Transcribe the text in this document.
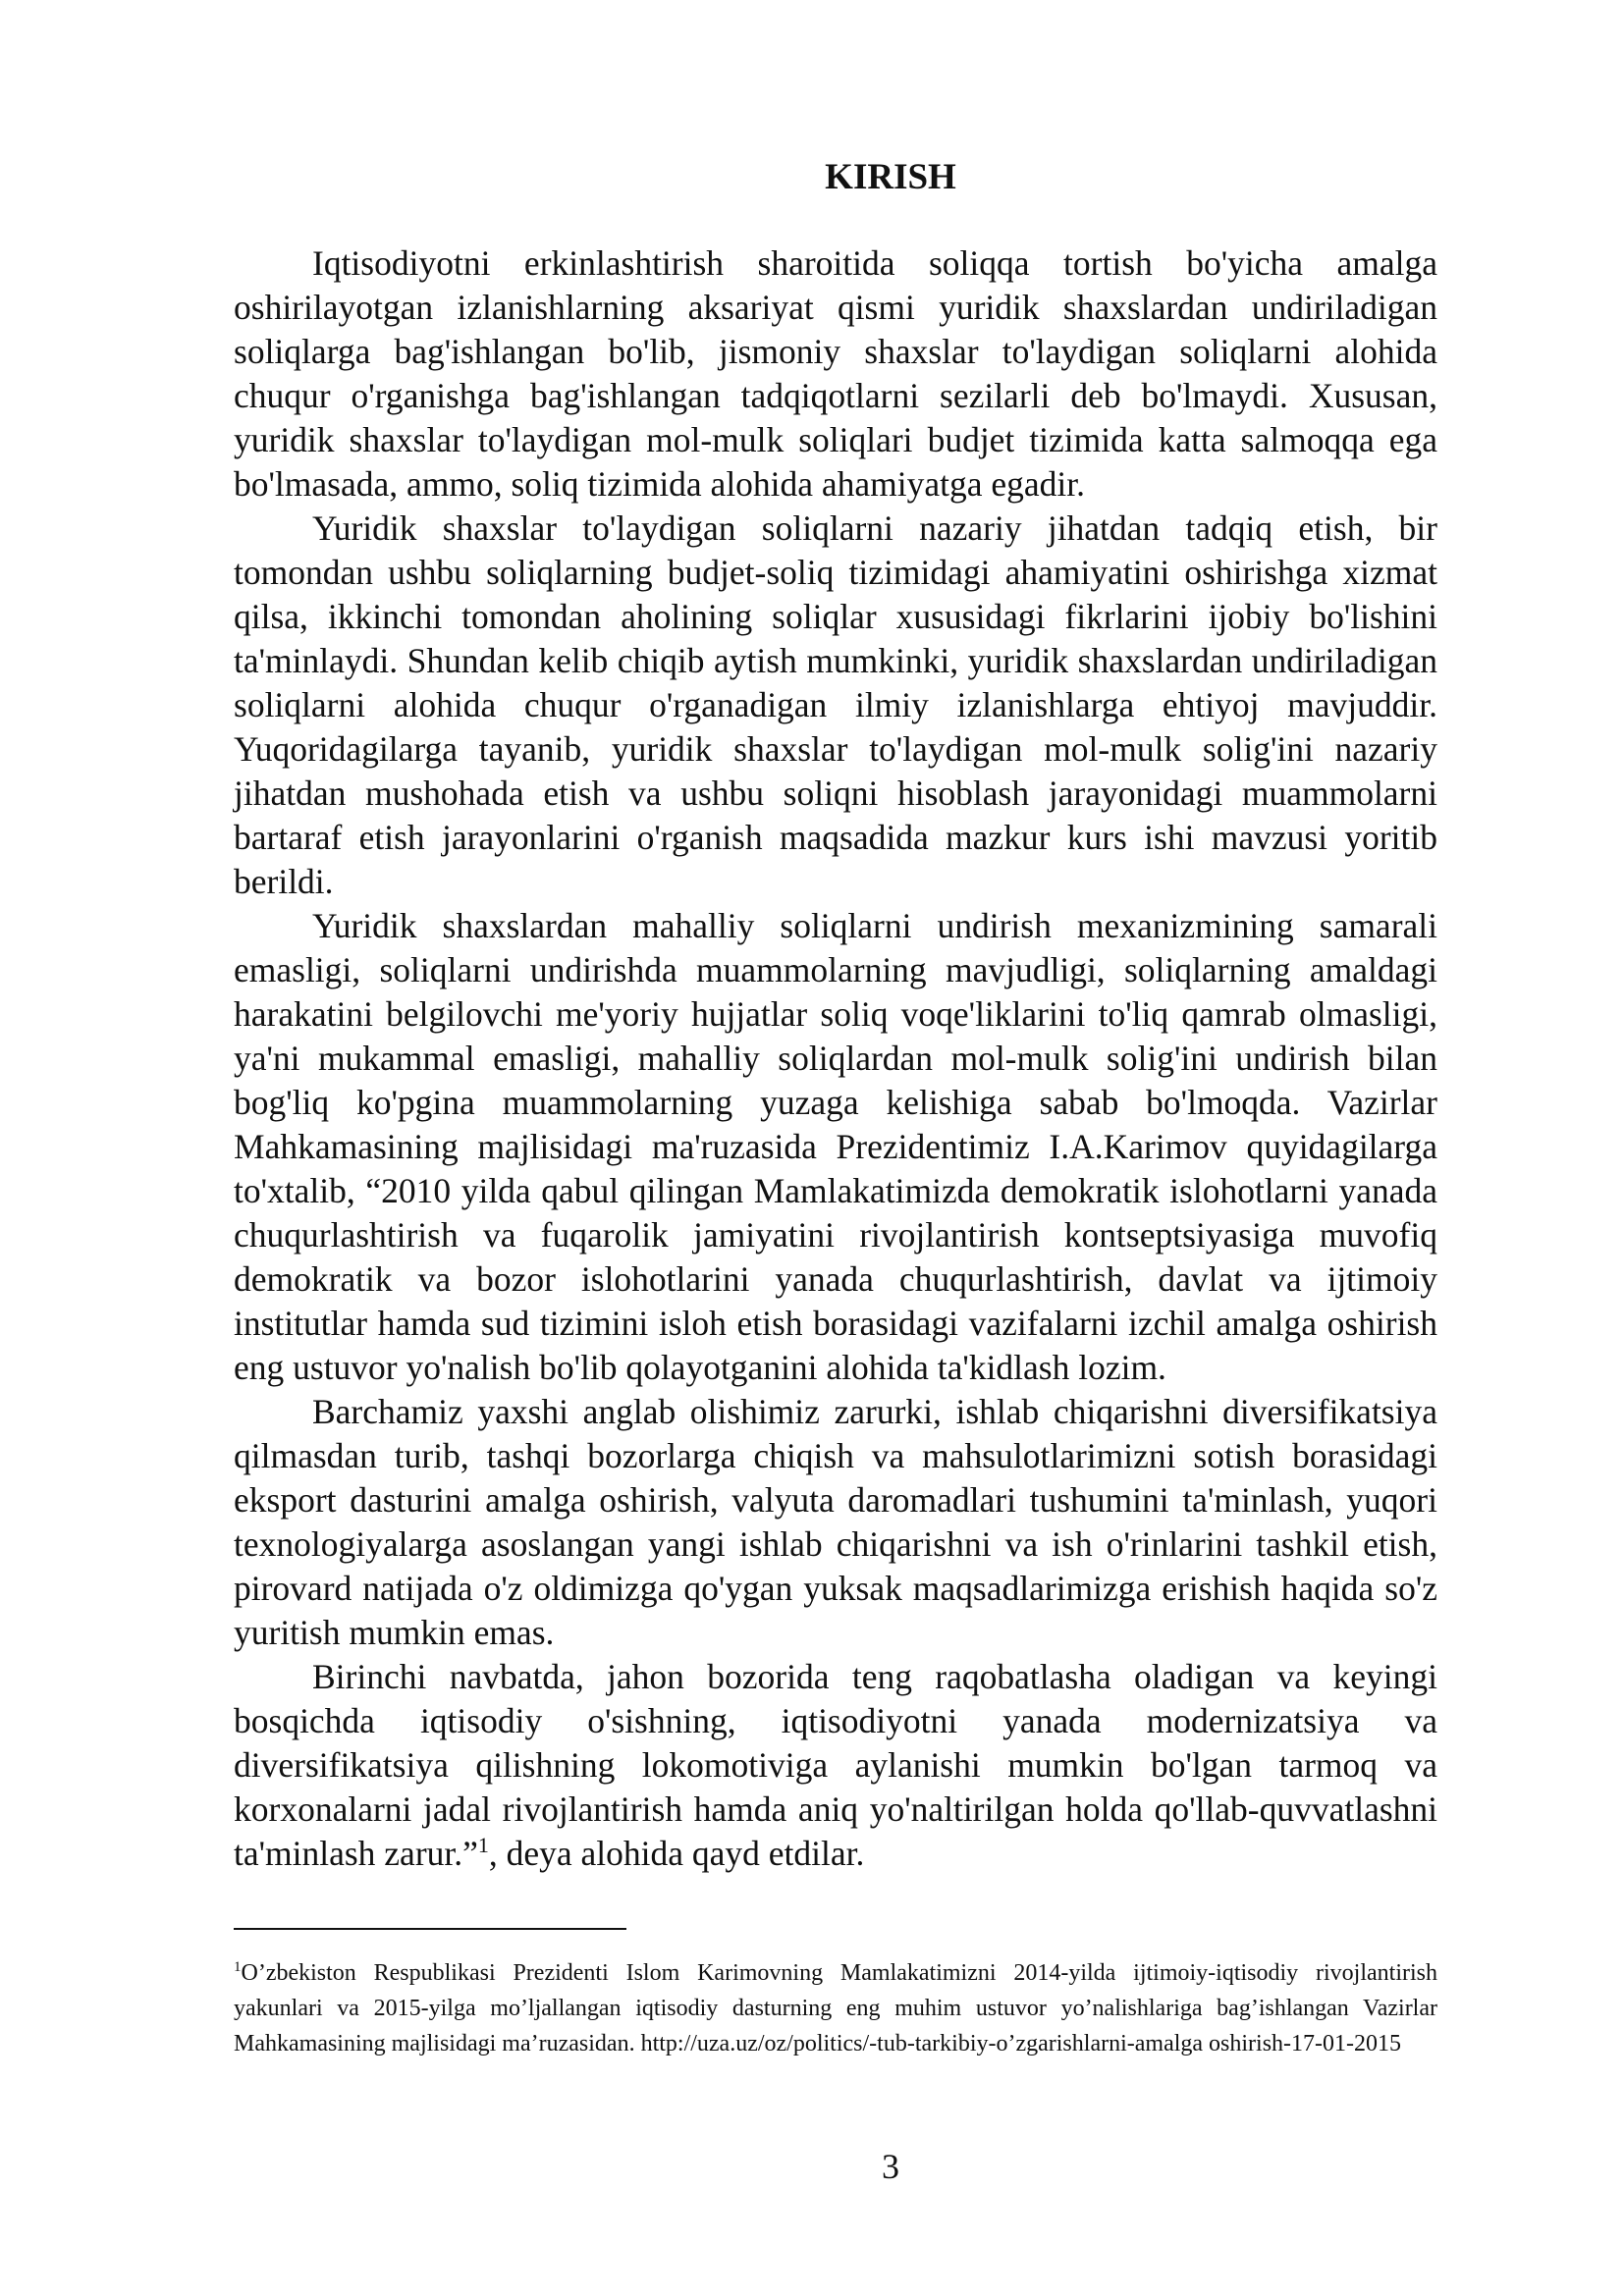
KIRISH

Iqtisodiyotni erkinlashtirish sharoitida soliqqa tortish bo'yicha amalga oshirilayotgan izlanishlarning aksariyat qismi yuridik shaxslardan undiriladigan soliqlarga bag'ishlangan bo'lib, jismoniy shaxslar to'laydigan soliqlarni alohida chuqur o'rganishga bag'ishlangan tadqiqotlarni sezilarli deb bo'lmaydi. Xususan, yuridik shaxslar to'laydigan mol-mulk soliqlari budjet tizimida katta salmoqqa ega bo'lmasada, ammo, soliq tizimida alohida ahamiyatga egadir.

Yuridik shaxslar to'laydigan soliqlarni nazariy jihatdan tadqiq etish, bir tomondan ushbu soliqlarning budjet-soliq tizimidagi ahamiyatini oshirishga xizmat qilsa, ikkinchi tomondan aholining soliqlar xususidagi fikrlarini ijobiy bo'lishini ta'minlaydi. Shundan kelib chiqib aytish mumkinki, yuridik shaxslardan undiriladigan soliqlarni alohida chuqur o'rganadigan ilmiy izlanishlarga ehtiyoj mavjuddir. Yuqoridagilarga tayanib, yuridik shaxslar to'laydigan mol-mulk solig'ini nazariy jihatdan mushohada etish va ushbu soliqni hisoblash jarayonidagi muammolarni bartaraf etish jarayonlarini o'rganish maqsadida mazkur kurs ishi mavzusi yoritib berildi.

Yuridik shaxslardan mahalliy soliqlarni undirish mexanizmining samarali emasligi, soliqlarni undirishda muammolarning mavjudligi, soliqlarning amaldagi harakatini belgilovchi me'yoriy hujjatlar soliq voqe'liklarini to'liq qamrab olmasligi, ya'ni mukammal emasligi, mahalliy soliqlardan mol-mulk solig'ini undirish bilan bog'liq ko'pgina muammolarning yuzaga kelishiga sabab bo'lmoqda. Vazirlar Mahkamasining majlisidagi ma'ruzasida Prezidentimiz I.A.Karimov quyidagilarga to'xtalib, “2010 yilda qabul qilingan Mamlakatimizda demokratik islohotlarni yanada chuqurlashtirish va fuqarolik jamiyatini rivojlantirish kontseptsiyasiga muvofiq demokratik va bozor islohotlarini yanada chuqurlashtirish, davlat va ijtimoiy institutlar hamda sud tizimini isloh etish borasidagi vazifalarni izchil amalga oshirish eng ustuvor yo'nalish bo'lib qolayotganini alohida ta'kidlash lozim.

Barchamiz yaxshi anglab olishimiz zarurki, ishlab chiqarishni diversifikatsiya qilmasdan turib, tashqi bozorlarga chiqish va mahsulotlarimizni sotish borasidagi eksport dasturini amalga oshirish, valyuta daromadlari tushumini ta'minlash, yuqori texnologiyalarga asoslangan yangi ishlab chiqarishni va ish o'rinlarini tashkil etish, pirovard natijada o'z oldimizga qo'ygan yuksak maqsadlarimizga erishish haqida so'z yuritish mumkin emas.

Birinchi navbatda, jahon bozorida teng raqobatlasha oladigan va keyingi bosqichda iqtisodiy o'sishning, iqtisodiyotni yanada modernizatsiya va diversifikatsiya qilishning lokomotiviga aylanishi mumkin bo'lgan tarmoq va korxonalarni jadal rivojlantirish hamda aniq yo'naltirilgan holda qo'llab-quvvatlashni ta'minlash zarur.”$^1$, deya alohida qayd etdilar.

$^1$O’zbekiston Respublikasi Prezidenti Islom Karimovning Mamlakatimizni 2014-yilda ijtimoiy-iqtisodiy rivojlantirish yakunlari va 2015-yilga mo’ljallangan iqtisodiy dasturning eng muhim ustuvor yo’nalishlariga bag’ishlangan Vazirlar Mahkamasining majlisidagi ma’ruzasidan. http://uza.uz/oz/politics/-tub-tarkibiy-o’zgarishlarni-amalga oshirish-17-01-2015

3
